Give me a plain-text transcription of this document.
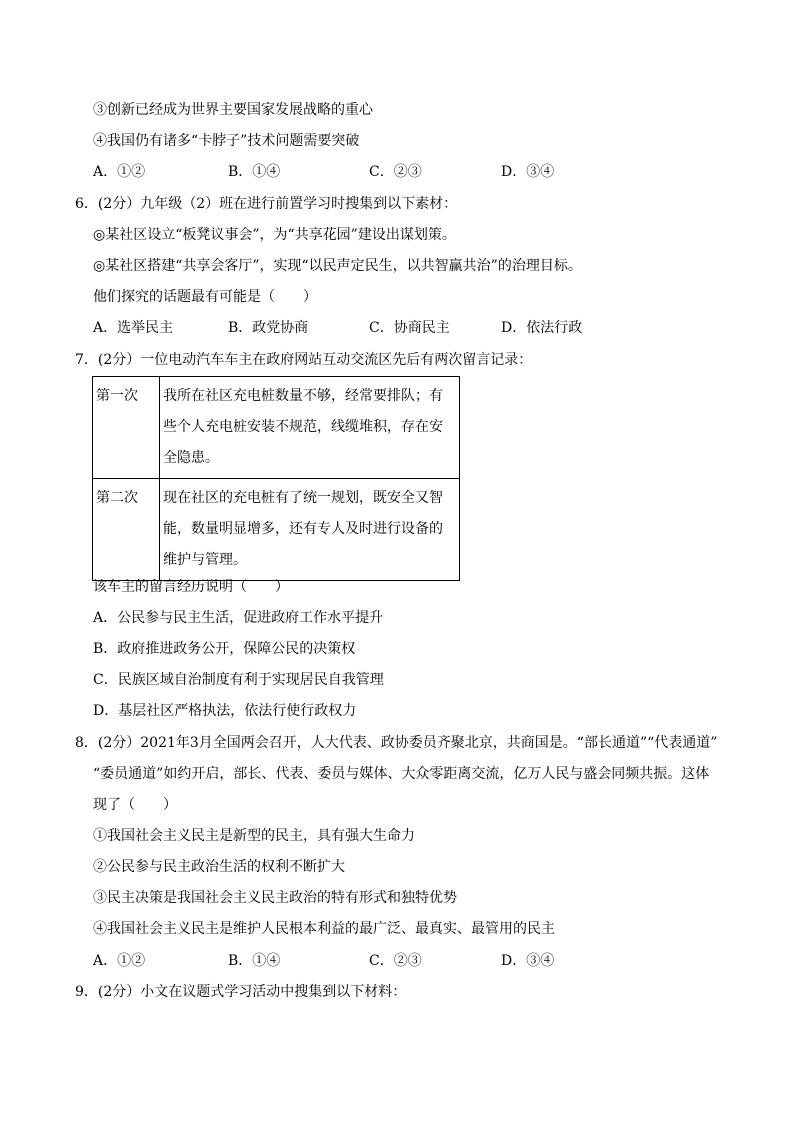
③创新已经成为世界主要国家发展战略的重心
④我国仍有诸多“卡脖子”技术问题需要突破
A．①②	B．①④	C．②③	D．③④
6．(2分）九年级（2）班在进行前置学习时搜集到以下素材：
◎某社区设立“板凳议事会”，为“共享花园”建设出谋划策。
◎某社区搭建“共享会客厅”，实现“以民声定民生，以共智赢共治”的治理目标。
他们探究的话题最有可能是（　　）
A．选举民主	B．政党协商	C．协商民主	D．依法行政
7．(2分）一位电动汽车车主在政府网站互动交流区先后有两次留言记录：
第一次	我所在社区充电桩数量不够，经常要排队；有些个人充电桩安装不规范，线缆堆积，存在安全隐患。
第二次	现在社区的充电桩有了统一规划，既安全又智能，数量明显增多，还有专人及时进行设备的维护与管理。
该车主的留言经历说明（　　）
A．公民参与民主生活，促进政府工作水平提升
B．政府推进政务公开，保障公民的决策权
C．民族区域自治制度有利于实现居民自我管理
D．基层社区严格执法，依法行使行政权力
8．(2分）2021年3月全国两会召开，人大代表、政协委员齐聚北京，共商国是。“部长通道”“代表通道”
“委员通道”如约开启，部长、代表、委员与媒体、大众零距离交流，亿万人民与盛会同频共振。这体
现了（　　）
①我国社会主义民主是新型的民主，具有强大生命力
②公民参与民主政治生活的权利不断扩大
③民主决策是我国社会主义民主政治的特有形式和独特优势
④我国社会主义民主是维护人民根本利益的最广泛、最真实、最管用的民主
A．①②	B．①④	C．②③	D．③④
9．(2分）小文在议题式学习活动中搜集到以下材料：
